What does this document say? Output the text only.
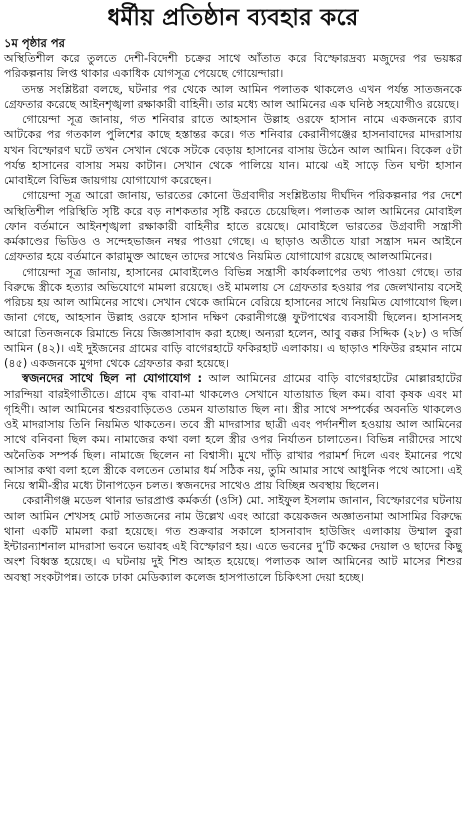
ধর্মীয় প্রতিষ্ঠান ব্যবহার করে

১ম পৃষ্ঠার পর

অস্থিতিশীল করে তুলতে দেশী-বিদেশী চক্রের সাথে আঁতাত করে বিস্ফোরদ্রব্য মজুদের পর ভয়ঙ্কর পরিকল্পনায় লিপ্ত থাকার একাধিক যোগসূত্র পেয়েছে গোয়েন্দারা।

তদন্ত সংশ্লিষ্টরা বলছে, ঘটনার পর থেকে আল আমিন পলাতক থাকলেও এখন পর্যন্ত সাতজনকে গ্রেফতার করেছে আইনশৃঙ্খলা রক্ষাকারী বাহিনী। তার মধ্যে আল আমিনের এক ঘনিষ্ঠ সহযোগীও রয়েছে।

গোয়েন্দা সূত্র জানায়, গত শনিবার রাতে আহসান উল্লাহ ওরফে হাসান নামে একজনকে র‍্যাব আটকের পর গতকাল পুলিশের কাছে হস্তান্তর করে। গত শনিবার কেরানীগঞ্জের হাসনাবাদের মাদরাসায় যখন বিস্ফোরণ ঘটে তখন সেখান থেকে সটকে বেড়ায় হাসানের বাসায় উঠেন আল আমিন। বিকেল ৫টা পর্যন্ত হাসানের বাসায় সময় কাটান। সেখান থেকে পালিয়ে যান। মাঝে এই সাড়ে তিন ঘণ্টা হাসান মোবাইলে বিভিন্ন জায়গায় যোগাযোগ করেছেন।

গোয়েন্দা সূত্র আরো জানায়, ভারতের কোনো উগ্রবাদীর সংশ্লিষ্টতায় দীর্ঘদিন পরিকল্পনার পর দেশে অস্থিতিশীল পরিস্থিতি সৃষ্টি করে বড় নাশকতার সৃষ্টি করতে চেয়েছিল। পলাতক আল আমিনের মোবাইল ফোন বর্তমানে আইনশৃঙ্খলা রক্ষাকারী বাহিনীর হাতে রয়েছে। মোবাইলে ভারতের উগ্রবাদী সন্ত্রাসী কর্মকাণ্ডের ভিডিও ও সন্দেহভাজন নম্বর পাওয়া গেছে। এ ছাড়াও অতীতে যারা সন্ত্রাস দমন আইনে গ্রেফতার হয়ে বর্তমানে কারামুক্ত আছেন তাদের সাথেও নিয়মিত যোগাযোগ রয়েছে আলআমিনের।

গোয়েন্দা সূত্র জানায়, হাসানের মোবাইলেও বিভিন্ন সন্ত্রাসী কার্যকলাপের তথ্য পাওয়া গেছে। তার বিরুদ্ধে স্ত্রীকে হত্যার অভিযোগে মামলা রয়েছে। ওই মামলায় সে গ্রেফতার হওয়ার পর জেলখানায় বসেই পরিচয় হয় আল আমিনের সাথে। সেখান থেকে জামিনে বেরিয়ে হাসানের সাথে নিয়মিত যোগাযোগ ছিল। জানা গেছে, আহসান উল্লাহ ওরফে হাসান দক্ষিণ কেরানীগঞ্জে ফুটপাথের ব্যবসায়ী ছিলেন। হাসানসহ আরো তিনজনকে রিমান্ডে নিয়ে জিজ্ঞাসাবাদ করা হচ্ছে। অন্যরা হলেন, আবু বক্কর সিদ্দিক (২৮) ও দর্জি আমিন (৪২)। এই দুইজনের গ্রামের বাড়ি বাগেরহাটে ফকিরহাট এলাকায়। এ ছাড়াও শফিউর রহমান নামে (৪৫) একজনকে মুগদা থেকে গ্রেফতার করা হয়েছে।

স্বজনদের সাথে ছিল না যোগাযোগ : আল আমিনের গ্রামের বাড়ি বাগেরহাটের মোল্লারহাটের সারন্দিয়া বারইগাতীতে। গ্রামে বৃদ্ধ বাবা-মা থাকলেও সেখানে যাতায়াত ছিল কম। বাবা কৃষক এবং মা গৃহিণী। আল আমিনের শ্বশুরবাড়িতেও তেমন যাতায়াত ছিল না। স্ত্রীর সাথে সম্পর্কের অবনতি থাকলেও ওই মাদরাসায় তিনি নিয়মিত থাকতেন। তবে স্ত্রী মাদরাসার ছাত্রী এবং পর্দানশীল হওয়ায় আল আমিনের সাথে বনিবনা ছিল কম। নামাজের কথা বলা হলে স্ত্রীর ওপর নির্যাতন চালাতেন। বিভিন্ন নারীদের সাথে অনৈতিক সম্পর্ক ছিল। নামাজে ছিলেন না বিশ্বাসী। মুখে দাঁড়ি রাখার পরামর্শ দিলে এবং ইমানের পথে আসার কথা বলা হলে স্ত্রীকে বলতেন তোমার ধর্ম সঠিক নয়, তুমি আমার সাথে আধুনিক পথে আসো। এই নিয়ে স্বামী-স্ত্রীর মধ্যে টানাপড়েন চলত। স্বজনদের সাথেও প্রায় বিচ্ছিন্ন অবস্থায় ছিলেন।

কেরানীগঞ্জ মডেল থানার ভারপ্রাপ্ত কর্মকর্তা (ওসি) মো. সাইফুল ইসলাম জানান, বিস্ফোরণের ঘটনায় আল আমিন শেখসহ মোট সাতজনের নাম উল্লেখ এবং আরো কয়েকজন অজ্ঞাতনামা আসামির বিরুদ্ধে থানা একটি মামলা করা হয়েছে। গত শুক্রবার সকালে হাসনাবাদ হাউজিং এলাকায় উম্মাল কুরা ইন্টারন্যাশনাল মাদরাসা ভবনে ভয়াবহ এই বিস্ফোরণ হয়। এতে ভবনের দু’টি কক্ষের দেয়াল ও ছাদের কিছু অংশ বিধ্বস্ত হয়েছে। এ ঘটনায় দুই শিশু আহত হয়েছে। পলাতক আল আমিনের আট মাসের শিশুর অবস্থা সংকটাপন্ন। তাকে ঢাকা মেডিক্যাল কলেজ হাসপাতালে চিকিৎসা দেয়া হচ্ছে।
